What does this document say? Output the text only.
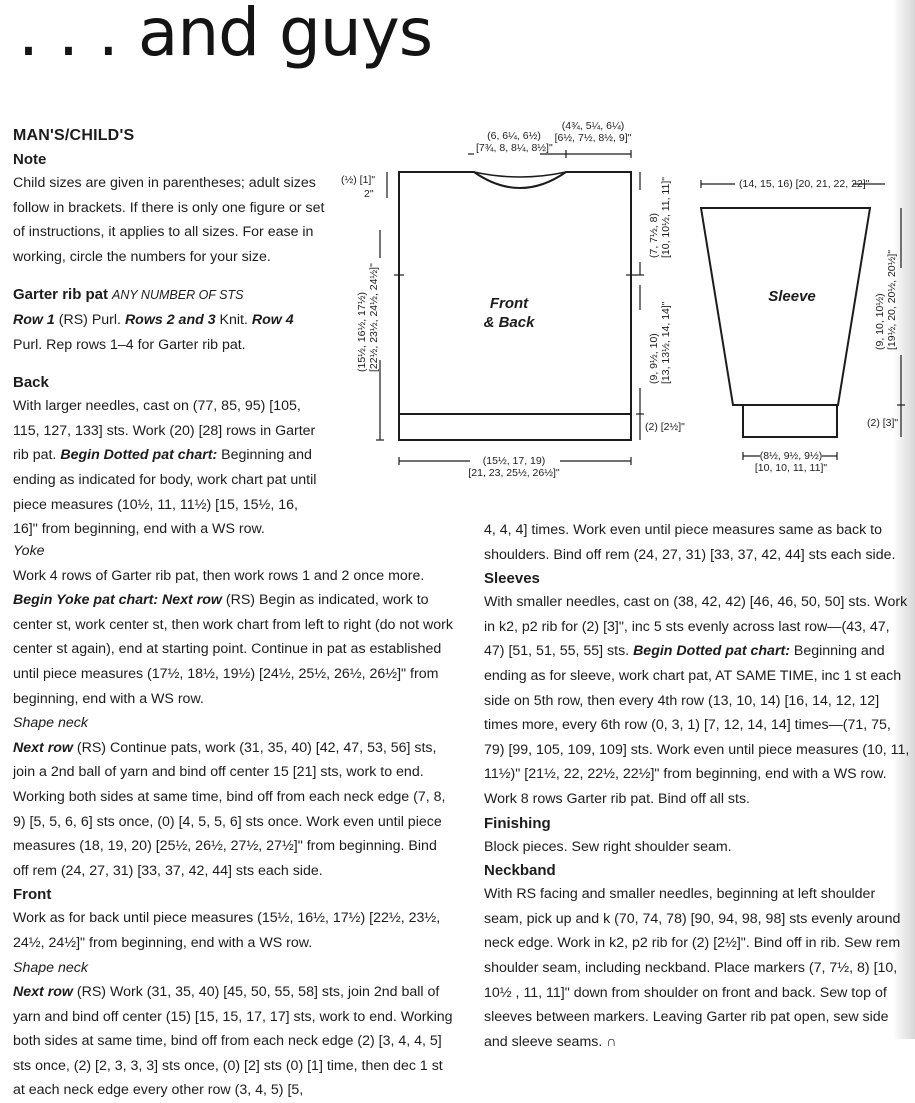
. . . and guys

MAN'S/CHILD'S

Note

Child sizes are given in parentheses; adult sizes follow in brackets. If there is only one figure or set of instructions, it applies to all sizes. For ease in working, circle the numbers for your size.

Garter rib pat ANY NUMBER OF STS

Row 1 (RS) Purl. Rows 2 and 3 Knit. Row 4 Purl. Rep rows 1–4 for Garter rib pat.

Back

With larger needles, cast on (77, 85, 95) [105, 115, 127, 133] sts. Work (20) [28] rows in Garter rib pat. Begin Dotted pat chart: Beginning and ending as indicated for body, work chart pat until piece measures (10½, 11, 11½) [15, 15½, 16, 16]" from beginning, end with a WS row.

Yoke

Work 4 rows of Garter rib pat, then work rows 1 and 2 once more. Begin Yoke pat chart: Next row (RS) Begin as indicated, work to center st, work center st, then work chart from left to right (do not work center st again), end at starting point. Continue in pat as established until piece measures (17½, 18½, 19½) [24½, 25½, 26½, 26½]" from beginning, end with a WS row.

Shape neck

Next row (RS) Continue pats, work (31, 35, 40) [42, 47, 53, 56] sts, join a 2nd ball of yarn and bind off center 15 [21] sts, work to end. Working both sides at same time, bind off from each neck edge (7, 8, 9) [5, 5, 6, 6] sts once, (0) [4, 5, 5, 6] sts once. Work even until piece measures (18, 19, 20) [25½, 26½, 27½, 27½]" from beginning. Bind off rem (24, 27, 31) [33, 37, 42, 44] sts each side.

Front

Work as for back until piece measures (15½, 16½, 17½) [22½, 23½, 24½, 24½]" from beginning, end with a WS row.

Shape neck

Next row (RS) Work (31, 35, 40) [45, 50, 55, 58] sts, join 2nd ball of yarn and bind off center (15) [15, 15, 17, 17] sts, work to end. Working both sides at same time, bind off from each neck edge (2) [3, 4, 4, 5] sts once, (2) [2, 3, 3, 3] sts once, (0) [2] sts (0) [1] time, then dec 1 st at each neck edge every other row (3, 4, 5) [5,

4, 4, 4] times. Work even until piece measures same as back to shoulders. Bind off rem (24, 27, 31) [33, 37, 42, 44] sts each side.

Sleeves

With smaller needles, cast on (38, 42, 42) [46, 46, 50, 50] sts. Work in k2, p2 rib for (2) [3]", inc 5 sts evenly across last row—(43, 47, 47) [51, 51, 55, 55] sts. Begin Dotted pat chart: Beginning and ending as for sleeve, work chart pat, AT SAME TIME, inc 1 st each side on 5th row, then every 4th row (13, 10, 14) [16, 14, 12, 12] times more, every 6th row (0, 3, 1) [7, 12, 14, 14] times—(71, 75, 79) [99, 105, 109, 109] sts. Work even until piece measures (10, 11, 11½)" [21½, 22, 22½, 22½]" from beginning, end with a WS row. Work 8 rows Garter rib pat. Bind off all sts.

Finishing

Block pieces. Sew right shoulder seam.

Neckband

With RS facing and smaller needles, beginning at left shoulder seam, pick up and k (70, 74, 78) [90, 94, 98, 98] sts evenly around neck edge. Work in k2, p2 rib for (2) [2½]". Bind off in rib. Sew rem shoulder seam, including neckband. Place markers (7, 7½, 8) [10, 10½ , 11, 11]" down from shoulder on front and back. Sew top of sleeves between markers. Leaving Garter rib pat open, sew side and sleeve seams. ∩

Front
& Back
Sleeve
(4¾, 5¼, 6¼)
[6½, 7½, 8½, 9]"
(6, 6¼, 6½)
[7¾, 8, 8¼, 8½]"
(½) [1]"
2"
(15½, 16½, 17½) [22½, 23½, 24½, 24½]"
(7, 7½, 8) [10, 10½, 11, 11]"
(9, 9½, 10) [13, 13½, 14, 14]"
(2) [2½]"
(15½, 17, 19)
[21, 23, 25½, 26½]"
(14, 15, 16) [20, 21, 22, 22]"
(9, 10, 10½) [19½, 20, 20½, 20½]"
(2) [3]"
(8½, 9½, 9½)
[10, 10, 11, 11]"
